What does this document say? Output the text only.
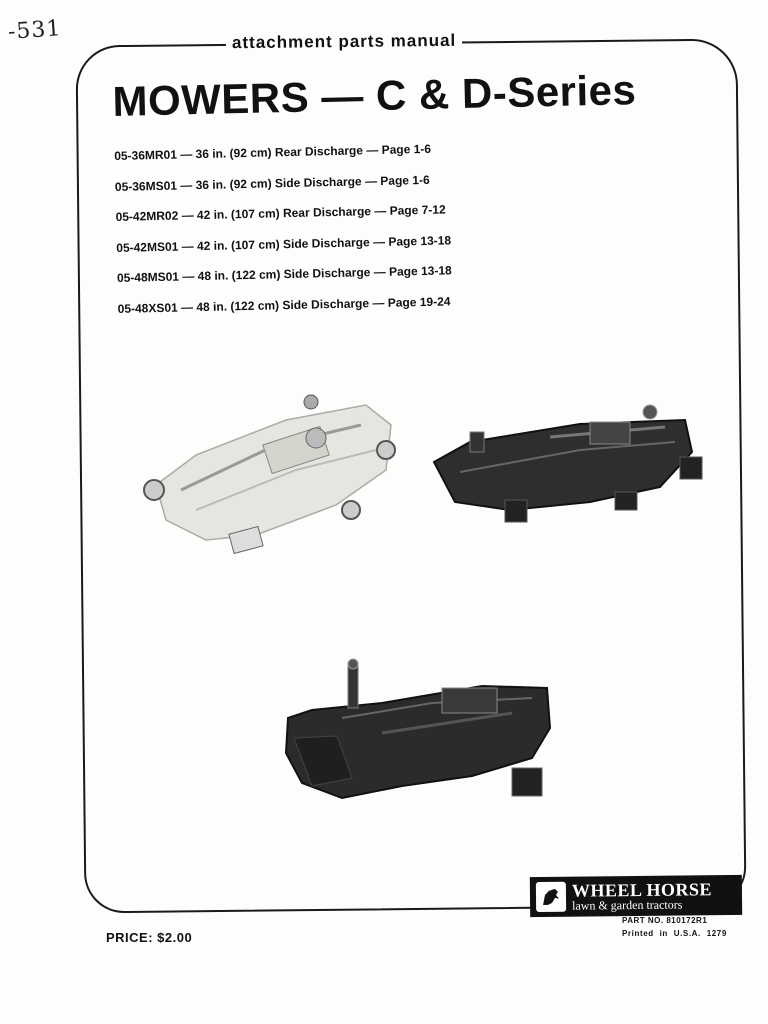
-531	attachment parts manual
MOWERS — C & D-Series
05-36MR01 — 36 in. (92 cm) Rear Discharge — Page 1-6
05-36MS01 — 36 in. (92 cm) Side Discharge — Page 1-6
05-42MR02 — 42 in. (107 cm) Rear Discharge — Page 7-12
05-42MS01 — 42 in. (107 cm) Side Discharge — Page 13-18
05-48MS01 — 48 in. (122 cm) Side Discharge — Page 13-18
05-48XS01 — 48 in. (122 cm) Side Discharge — Page 19-24
WHEEL HORSE
lawn & garden tractors
PART NO. 810172R1
Printed in U.S.A. 1279
PRICE: $2.00
